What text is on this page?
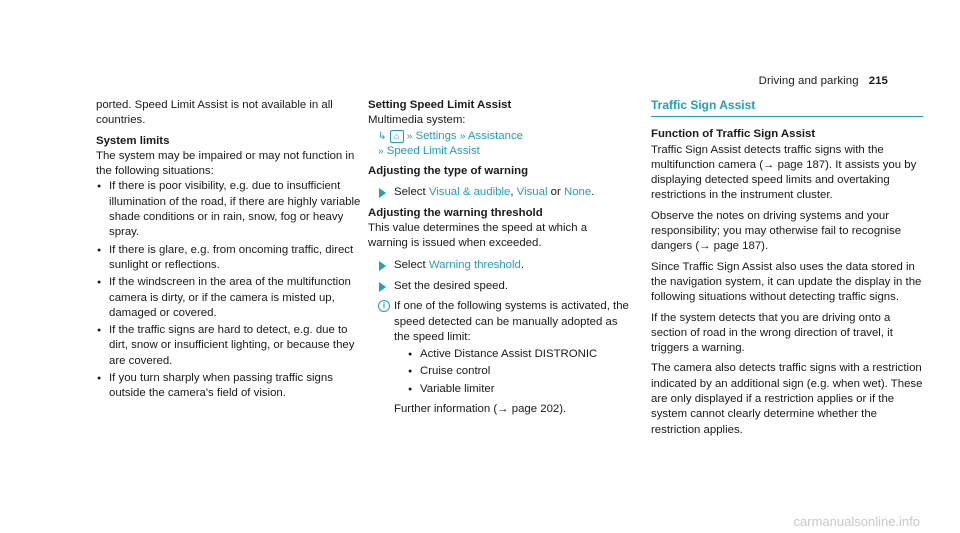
Driving and parking 215

ported. Speed Limit Assist is not available in all countries.

System limits

The system may be impaired or may not function in the following situations:

● If there is poor visibility, e.g. due to insufficient illumination of the road, if there are highly variable shade conditions or in rain, snow, fog or heavy spray.
● If there is glare, e.g. from oncoming traffic, direct sunlight or reflections.
● If the windscreen in the area of the multifunction camera is dirty, or if the camera is misted up, damaged or covered.
● If the traffic signs are hard to detect, e.g. due to dirt, snow or insufficient lighting, or because they are covered.
● If you turn sharply when passing traffic signs outside the camera's field of vision.

Setting Speed Limit Assist

Multimedia system:

↳ ⌂ » Settings » Assistance

» Speed Limit Assist

Adjusting the type of warning

Select Visual & audible, Visual or None.

Adjusting the warning threshold

This value determines the speed at which a warning is issued when exceeded.

Select Warning threshold.
Set the desired speed.
i If one of the following systems is activated, the speed detected can be manually adopted as the speed limit:
● Active Distance Assist DISTRONIC
● Cruise control
● Variable limiter

Further information (→ page 202).

Traffic Sign Assist

Function of Traffic Sign Assist

Traffic Sign Assist detects traffic signs with the multifunction camera (→ page 187). It assists you by displaying detected speed limits and overtaking restrictions in the instrument cluster.

Observe the notes on driving systems and your responsibility; you may otherwise fail to recognise dangers (→ page 187).

Since Traffic Sign Assist also uses the data stored in the navigation system, it can update the display in the following situations without detecting traffic signs.

If the system detects that you are driving onto a section of road in the wrong direction of travel, it triggers a warning.

The camera also detects traffic signs with a restriction indicated by an additional sign (e.g. when wet). These are only displayed if a restriction applies or if the system cannot clearly determine whether the restriction applies.

carmanualsonline.info
